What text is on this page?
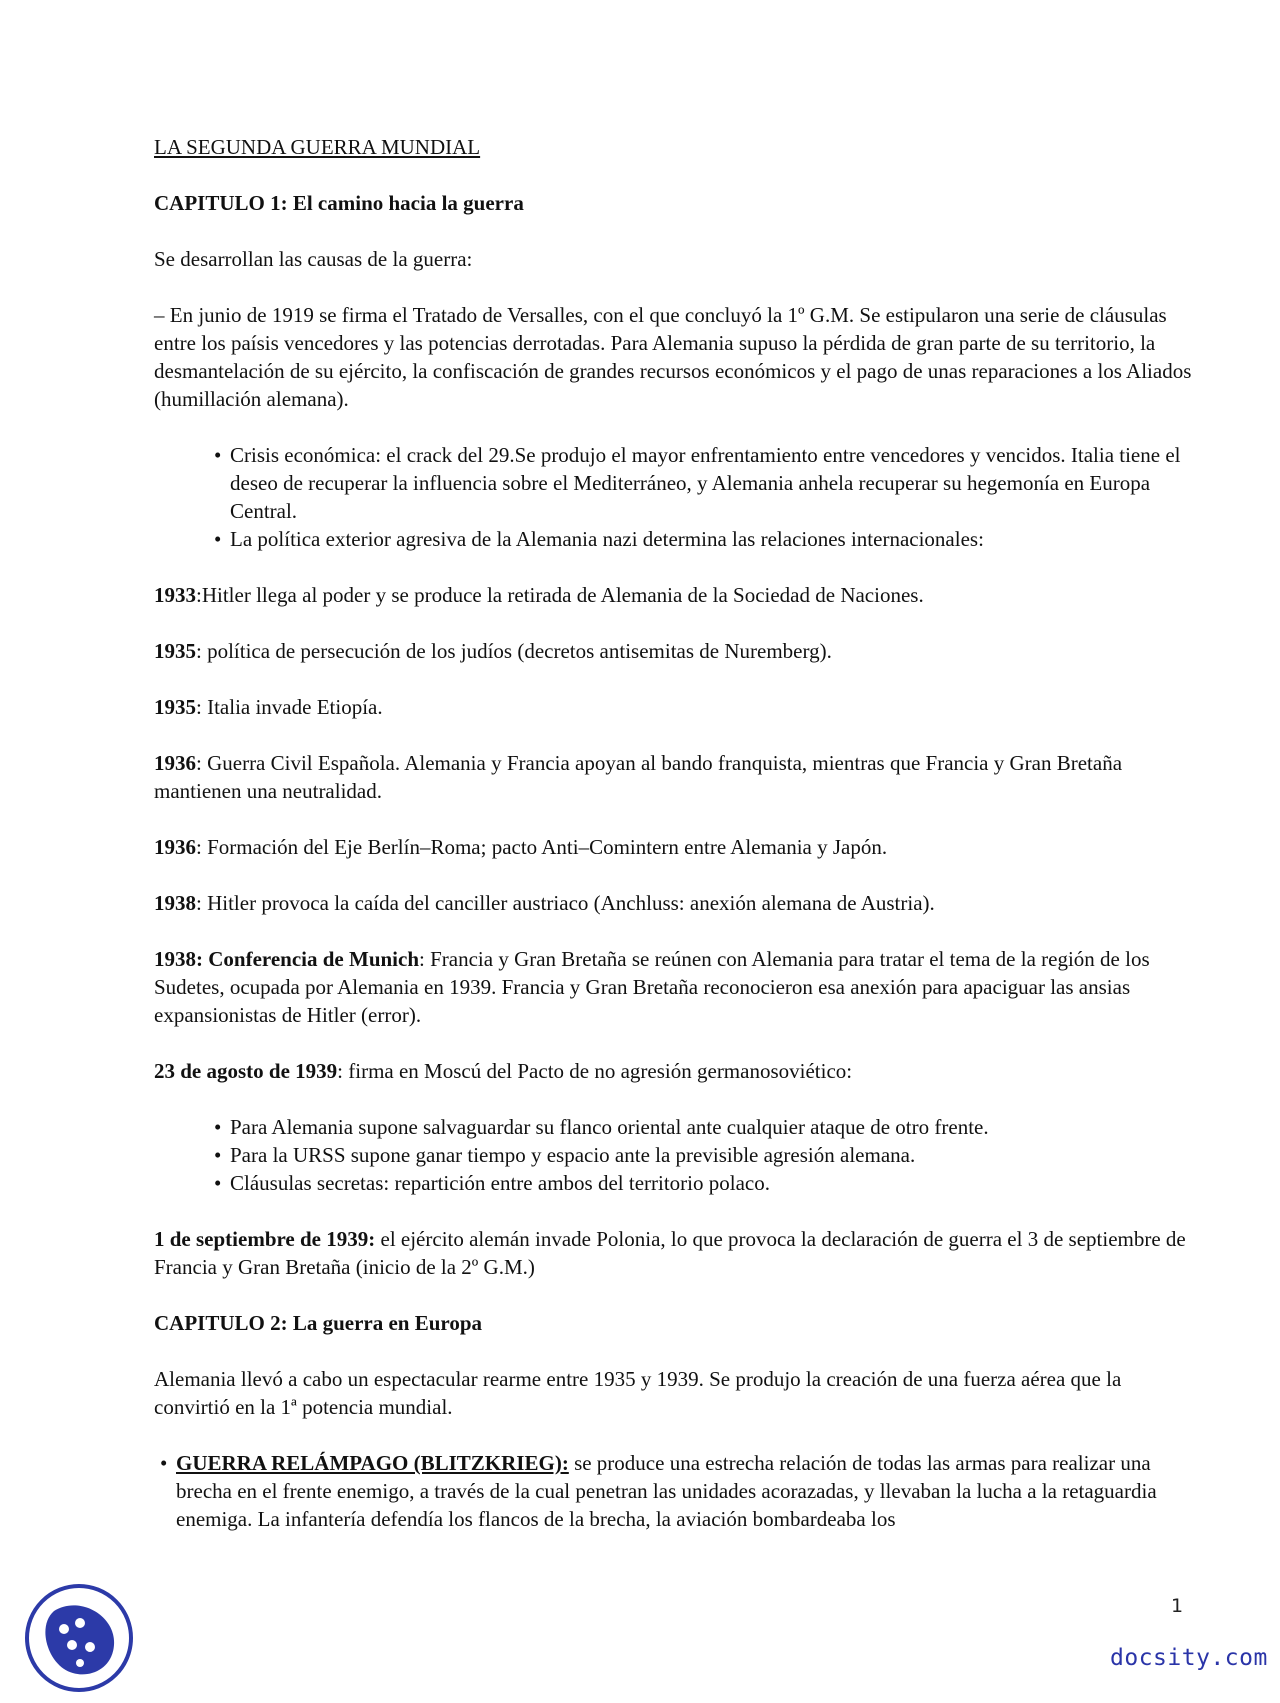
LA SEGUNDA GUERRA MUNDIAL

CAPITULO 1: El camino hacia la guerra

Se desarrollan las causas de la guerra:

– En junio de 1919 se firma el Tratado de Versalles, con el que concluyó la 1º G.M. Se estipularon una serie de cláusulas entre los paísis vencedores y las potencias derrotadas. Para Alemania supuso la pérdida de gran parte de su territorio, la desmantelación de su ejército, la confiscación de grandes recursos económicos y el pago de unas reparaciones a los Aliados (humillación alemana).

• Crisis económica: el crack del 29.Se produjo el mayor enfrentamiento entre vencedores y vencidos. Italia tiene el deseo de recuperar la influencia sobre el Mediterráneo, y Alemania anhela recuperar su hegemonía en Europa Central.
• La política exterior agresiva de la Alemania nazi determina las relaciones internacionales:

1933:Hitler llega al poder y se produce la retirada de Alemania de la Sociedad de Naciones.

1935: política de persecución de los judíos (decretos antisemitas de Nuremberg).

1935: Italia invade Etiopía.

1936: Guerra Civil Española. Alemania y Francia apoyan al bando franquista, mientras que Francia y Gran Bretaña mantienen una neutralidad.

1936: Formación del Eje Berlín–Roma; pacto Anti–Comintern entre Alemania y Japón.

1938: Hitler provoca la caída del canciller austriaco (Anchluss: anexión alemana de Austria).

1938: Conferencia de Munich: Francia y Gran Bretaña se reúnen con Alemania para tratar el tema de la región de los Sudetes, ocupada por Alemania en 1939. Francia y Gran Bretaña reconocieron esa anexión para apaciguar las ansias expansionistas de Hitler (error).

23 de agosto de 1939: firma en Moscú del Pacto de no agresión germanosoviético:

• Para Alemania supone salvaguardar su flanco oriental ante cualquier ataque de otro frente.
• Para la URSS supone ganar tiempo y espacio ante la previsible agresión alemana.
• Cláusulas secretas: repartición entre ambos del territorio polaco.

1 de septiembre de 1939: el ejército alemán invade Polonia, lo que provoca la declaración de guerra el 3 de septiembre de Francia y Gran Bretaña (inicio de la 2º G.M.)

CAPITULO 2: La guerra en Europa

Alemania llevó a cabo un espectacular rearme entre 1935 y 1939. Se produjo la creación de una fuerza aérea que la convirtió en la 1ª potencia mundial.

• GUERRA RELÁMPAGO (BLITZKRIEG): se produce una estrecha relación de todas las armas para realizar una brecha en el frente enemigo, a través de la cual penetran las unidades acorazadas, y llevaban la lucha a la retaguardia enemiga. La infantería defendía los flancos de la brecha, la aviación bombardeaba los
1
docsity.com
